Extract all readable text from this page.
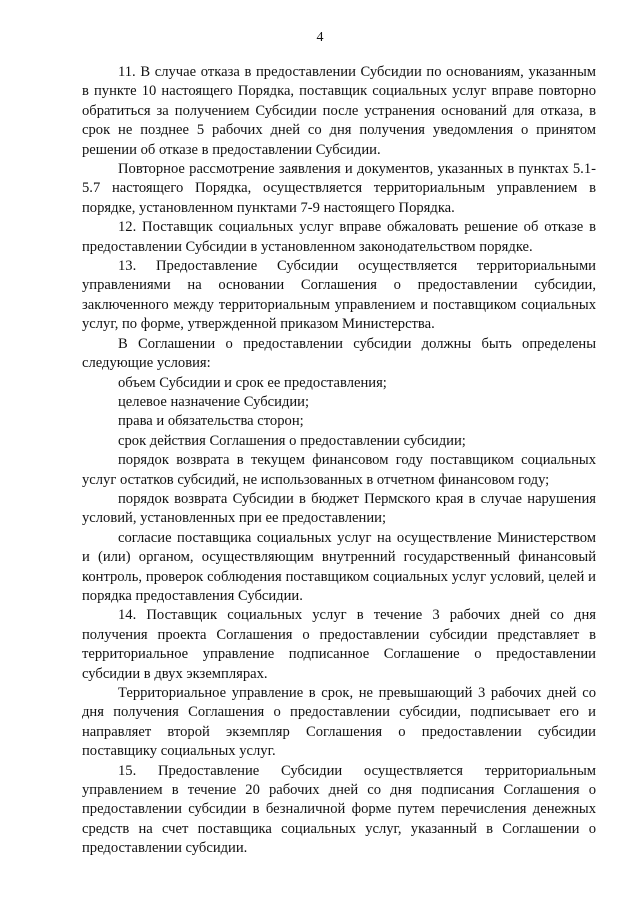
4

11. В случае отказа в предоставлении Субсидии по основаниям, указанным в пункте 10 настоящего Порядка, поставщик социальных услуг вправе повторно обратиться за получением Субсидии после устранения оснований для отказа, в срок не позднее 5 рабочих дней со дня получения уведомления о принятом решении об отказе в предоставлении Субсидии.

Повторное рассмотрение заявления и документов, указанных в пунктах 5.1-5.7 настоящего Порядка, осуществляется территориальным управлением в порядке, установленном пунктами 7-9 настоящего Порядка.

12. Поставщик социальных услуг вправе обжаловать решение об отказе в предоставлении Субсидии в установленном законодательством порядке.

13. Предоставление Субсидии осуществляется территориальными управлениями на основании Соглашения о предоставлении субсидии, заключенного между территориальным управлением и поставщиком социальных услуг, по форме, утвержденной приказом Министерства.

В Соглашении о предоставлении субсидии должны быть определены следующие условия:

объем Субсидии и срок ее предоставления;

целевое назначение Субсидии;

права и обязательства сторон;

срок действия Соглашения о предоставлении субсидии;

порядок возврата в текущем финансовом году поставщиком социальных услуг остатков субсидий, не использованных в отчетном финансовом году;

порядок возврата Субсидии в бюджет Пермского края в случае нарушения условий, установленных при ее предоставлении;

согласие поставщика социальных услуг на осуществление Министерством и (или) органом, осуществляющим внутренний государственный финансовый контроль, проверок соблюдения поставщиком социальных услуг условий, целей и порядка предоставления Субсидии.

14. Поставщик социальных услуг в течение 3 рабочих дней со дня получения проекта Соглашения о предоставлении субсидии представляет в территориальное управление подписанное Соглашение о предоставлении субсидии в двух экземплярах.

Территориальное управление в срок, не превышающий 3 рабочих дней со дня получения Соглашения о предоставлении субсидии, подписывает его и направляет второй экземпляр Соглашения о предоставлении субсидии поставщику социальных услуг.

15. Предоставление Субсидии осуществляется территориальным управлением в течение 20 рабочих дней со дня подписания Соглашения о предоставлении субсидии в безналичной форме путем перечисления денежных средств на счет поставщика социальных услуг, указанный в Соглашении о предоставлении субсидии.
